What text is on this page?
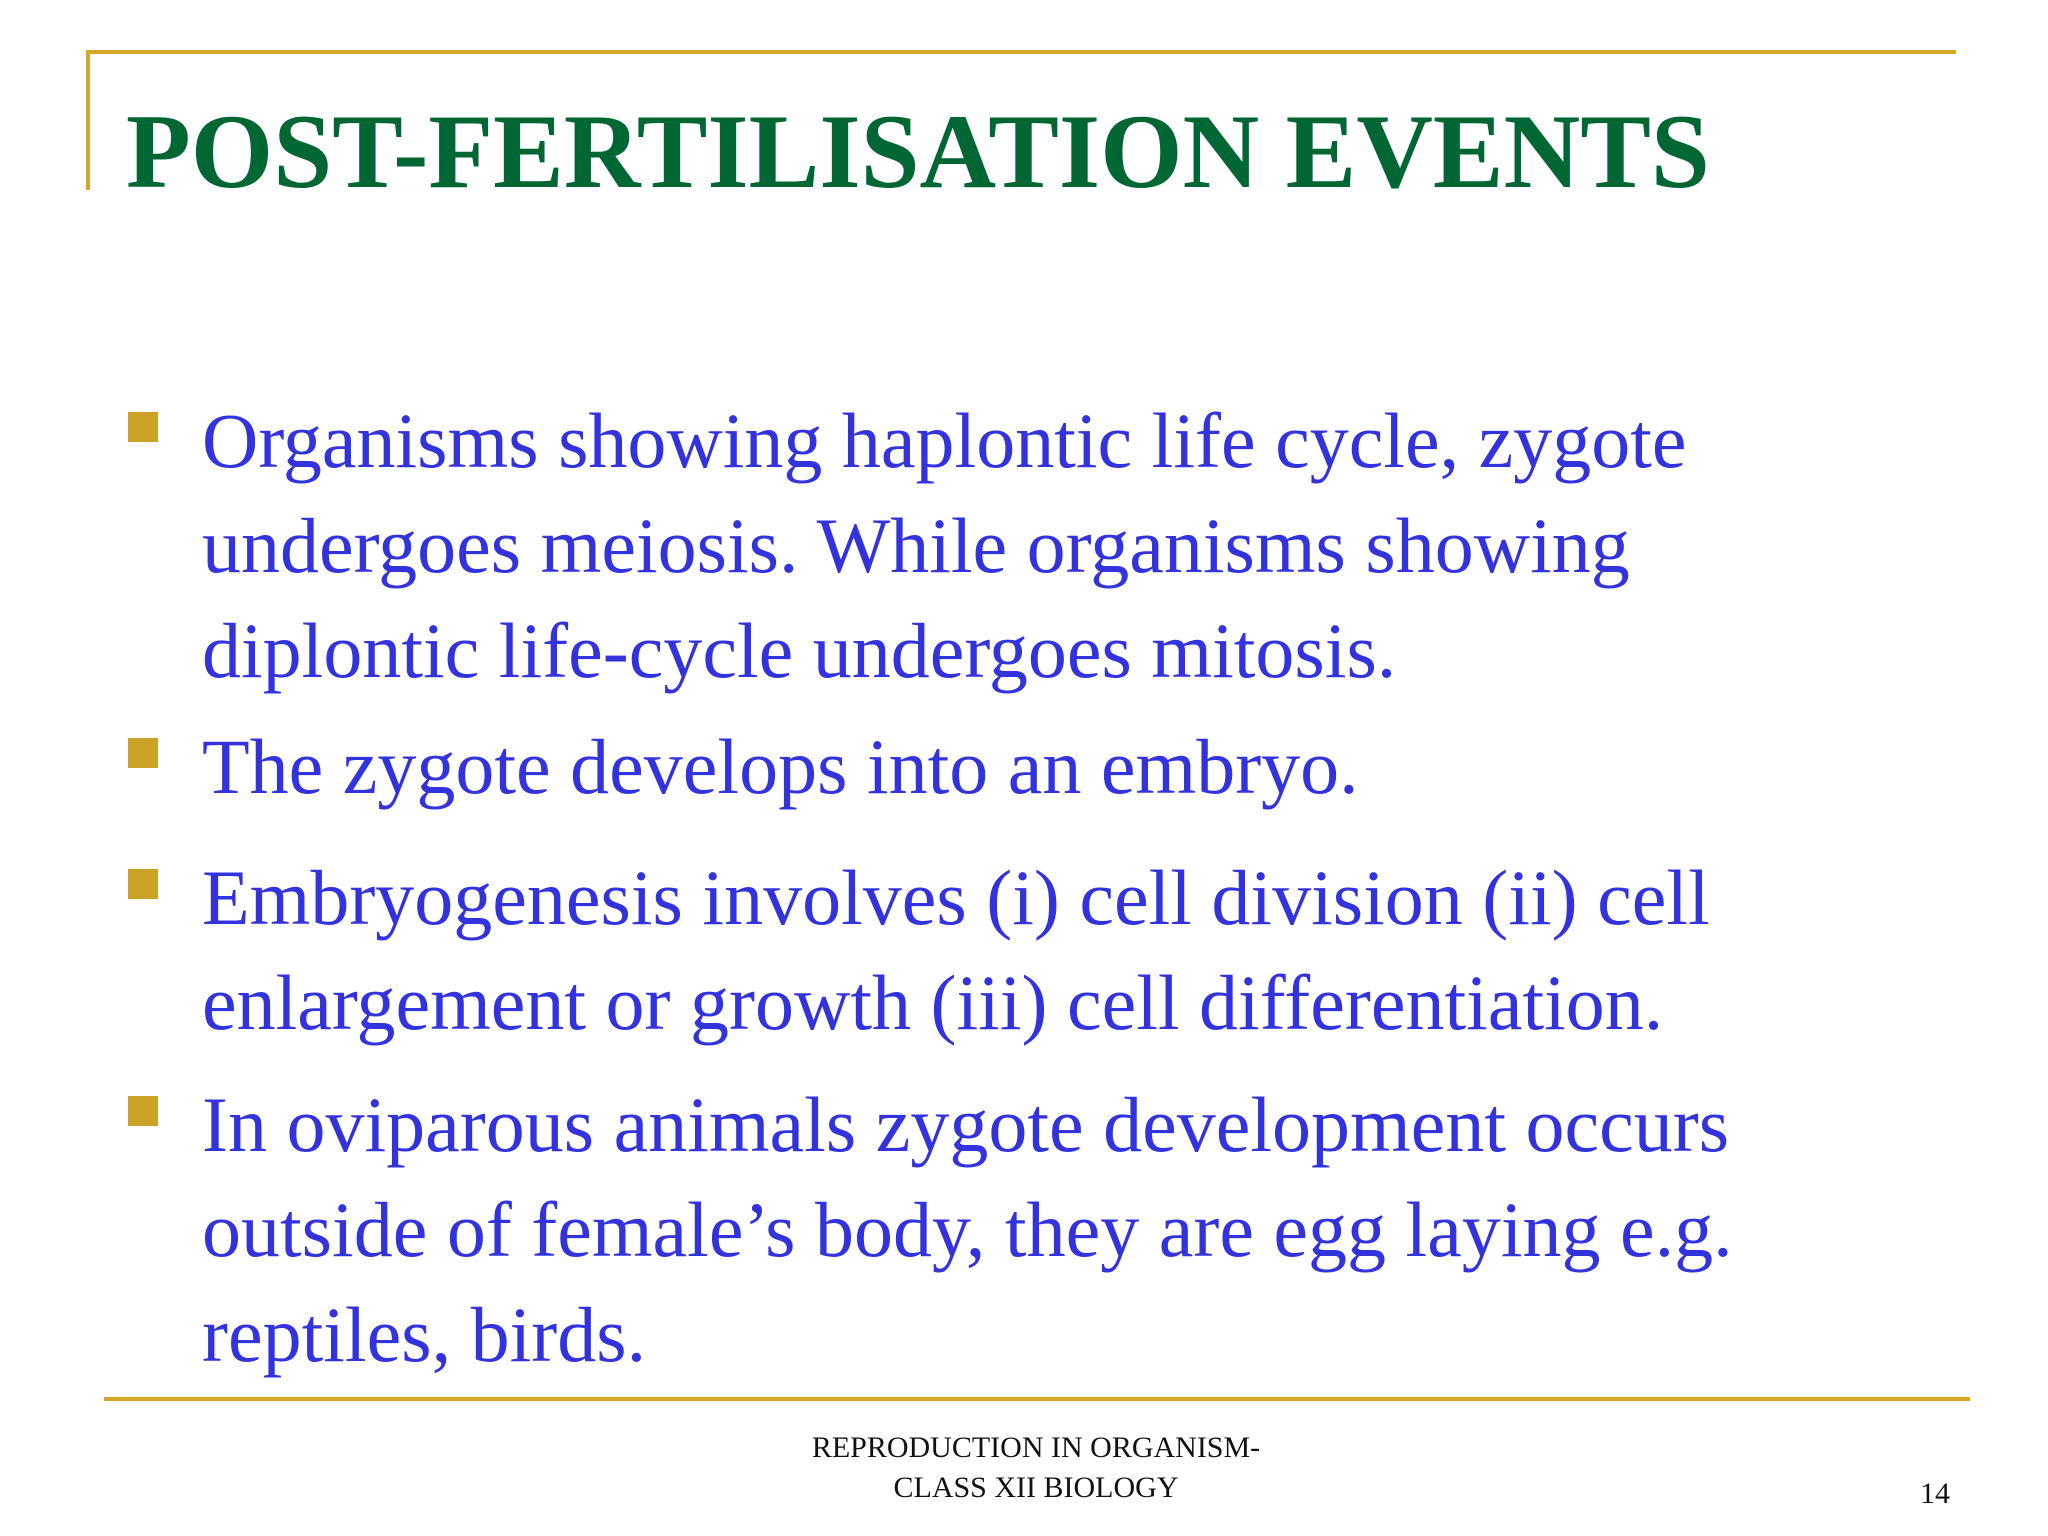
POST-FERTILISATION EVENTS
Organisms showing haplontic life cycle, zygote undergoes meiosis. While organisms showing diplontic life-cycle undergoes mitosis.
The zygote develops into an embryo.
Embryogenesis involves (i) cell division (ii) cell enlargement or growth (iii) cell differentiation.
In oviparous animals zygote development occurs outside of female’s body, they are egg laying e.g. reptiles, birds.
REPRODUCTION IN ORGANISM-
CLASS XII BIOLOGY	14
